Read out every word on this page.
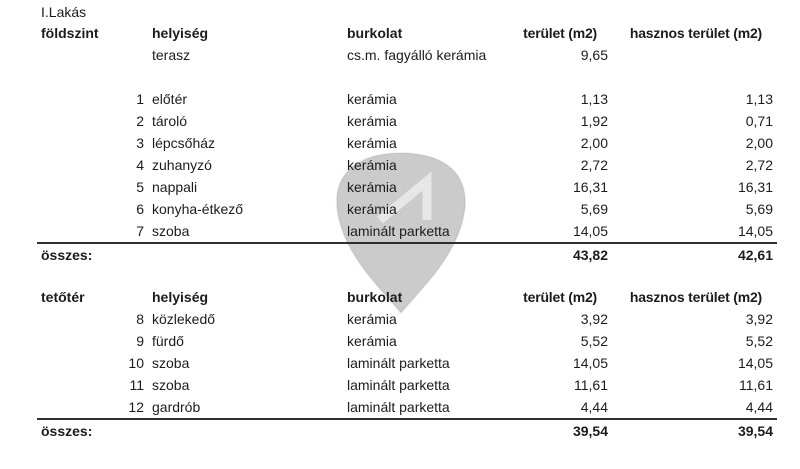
I.Lakás
földszint	helyiség	burkolat	terület (m2)	hasznos terület (m2)
terasz	cs.m. fagyálló kerámia	9,65
1 előtér	kerámia	1,13	1,13
2 tároló	kerámia	1,92	0,71
3 lépcsőház	kerámia	2,00	2,00
4 zuhanyzó	kerámia	2,72	2,72
5 nappali	kerámia	16,31	16,31
6 konyha-étkező	kerámia	5,69	5,69
7 szoba	laminált parketta	14,05	14,05
összes:	43,82	42,61
tetőtér	helyiség	burkolat	terület (m2)	hasznos terület (m2)
8 közlekedő	kerámia	3,92	3,92
9 fürdő	kerámia	5,52	5,52
10 szoba	laminált parketta	14,05	14,05
11 szoba	laminált parketta	11,61	11,61
12 gardrób	laminált parketta	4,44	4,44
összes:	39,54	39,54
